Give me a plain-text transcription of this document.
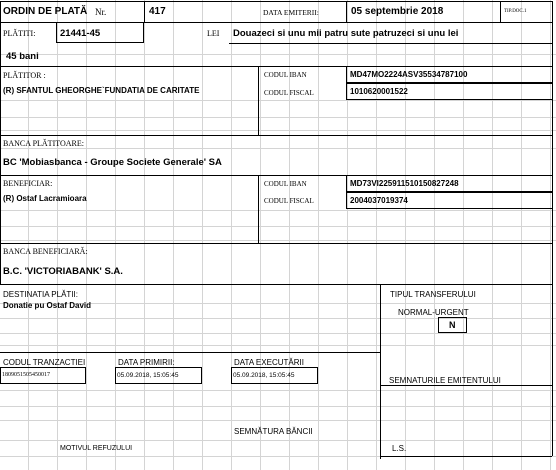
ORDIN DE PLATĂ Nr.	417	DATA EMITERII:	05 septembrie 2018	TIP.DOC.1
PLĂTITI:	21441-45	LEI Douazeci si unu mii patru sute patruzeci si unu lei
45 bani
PLĂTITOR :
(R) SFANTUL GHEORGHE`FUNDATIA DE CARITATE
CODUL IBAN	MD47MO2224ASV35534787100
CODUL FISCAL	1010620001522
BANCA PLĂTITOARE:
BC 'Mobiasbanca - Groupe Societe Generale' SA
BENEFICIAR:
(R) Ostaf Lacramioara
CODUL IBAN	MD73VI225911510150827248
CODUL FISCAL	2004037019374
BANCA BENEFICIARĂ:
B.C. 'VICTORIABANK' S.A.
DESTINATIA PLĂTII:
Donatie pu Ostaf David
TIPUL TRANSFERULUI
NORMAL-URGENT
N
CODUL TRANZACTIEI
1809051505450017
DATA PRIMIRII:
05.09.2018, 15:05:45
DATA EXECUTĂRII
05.09.2018, 15:05:45
SEMNATURILE EMITENTULUI
SEMNĂTURA BĂNCII
MOTIVUL REFUZULUI	L.S.
